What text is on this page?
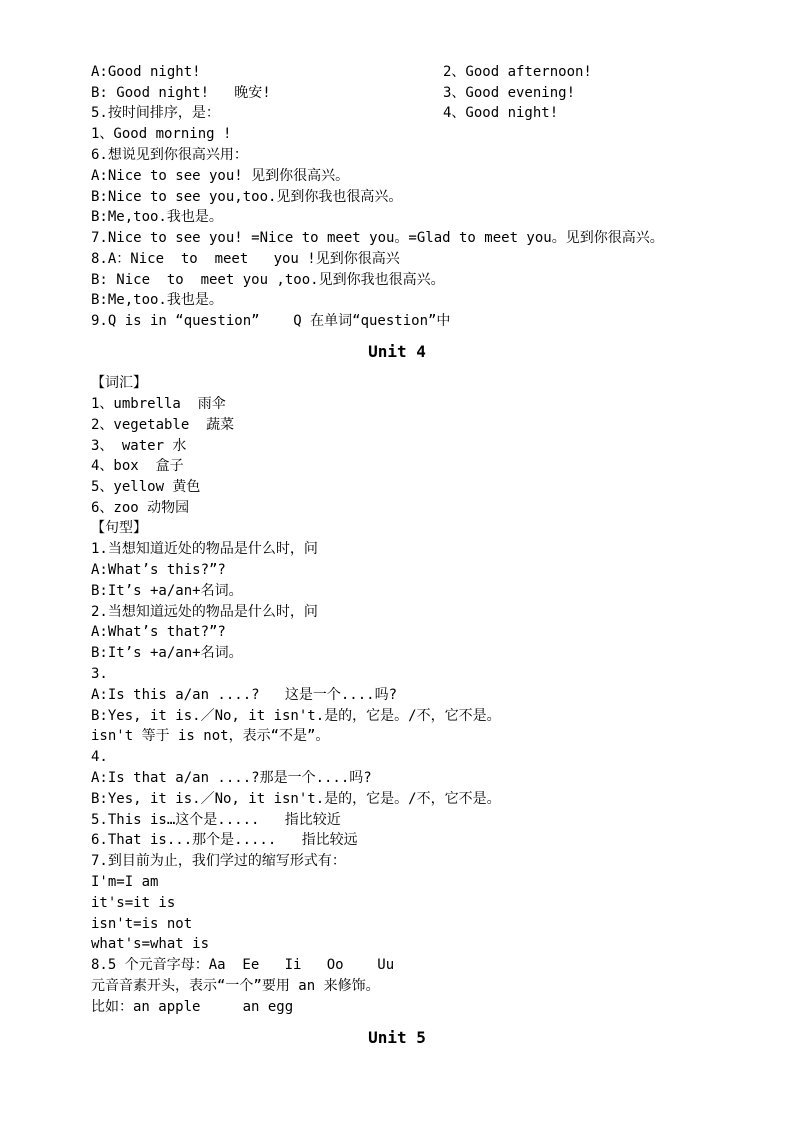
2、Good afternoon!
3、Good evening!
4、Good night!
A:Good night!
B: Good night!   晚安!
5.按时间排序，是：
1、Good morning !
6.想说见到你很高兴用：
A:Nice to see you! 见到你很高兴。
B:Nice to see you,too.见到你我也很高兴。
B:Me,too.我也是。
7.Nice to see you! =Nice to meet you。=Glad to meet you。见到你很高兴。
8.A：Nice  to  meet   you !见到你很高兴
B: Nice  to  meet you ,too.见到你我也很高兴。
B:Me,too.我也是。
9.Q is in “question”    Q 在单词“question”中
Unit 4
【词汇】
1、umbrella  雨伞
2、vegetable  蔬菜
3、 water 水
4、box  盒子
5、yellow 黄色
6、zoo 动物园
【句型】
1.当想知道近处的物品是什么时，问
A:What’s this?”?
B:It’s +a/an+名词。
2.当想知道远处的物品是什么时，问
A:What’s that?”?
B:It’s +a/an+名词。
3.
A:Is this a/an ....?   这是一个....吗?
B:Yes, it is.／No, it isn't.是的，它是。/不，它不是。
isn't 等于 is not，表示“不是”。
4.
A:Is that a/an ....?那是一个....吗?
B:Yes, it is.／No, it isn't.是的，它是。/不，它不是。
5.This is…这个是.....   指比较近
6.That is...那个是.....   指比较远
7.到目前为止，我们学过的缩写形式有：
I'm=I am
it's=it is
isn't=is not
what's=what is
8.5 个元音字母：Aa  Ee   Ii   Oo    Uu
元音音素开头，表示“一个”要用 an 来修饰。
比如：an apple     an egg
Unit 5
